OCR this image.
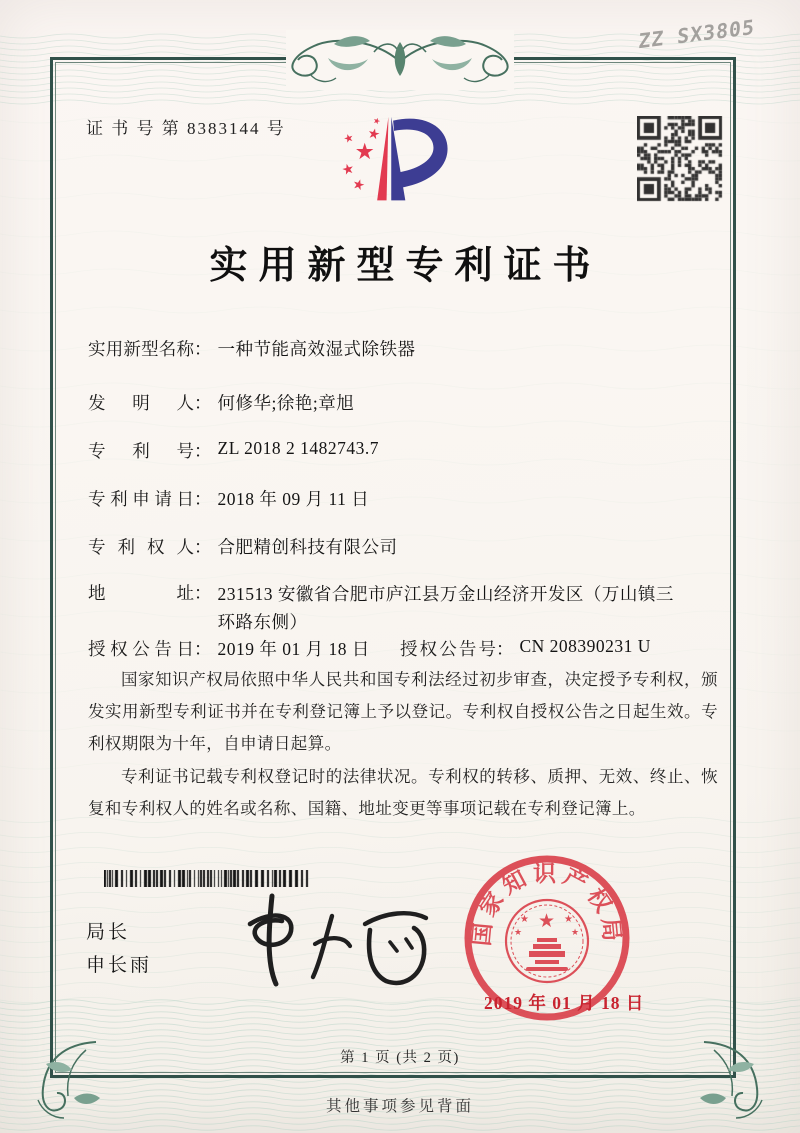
ZZ SX3805
证 书 号 第 8383144 号
★
★
★
★
★
★
实用新型专利证书
实用新型名称： 一种节能高效湿式除铁器
发明人： 何修华;徐艳;章旭
专利号： ZL 2018 2 1482743.7
专利申请日： 2018 年 09 月 11 日
专利权人： 合肥精创科技有限公司
地址： 231513 安徽省合肥市庐江县万金山经济开发区（万山镇三环路东侧）
授权公告日： 2019 年 01 月 18 日 授权公告号： CN 208390231 U

国家知识产权局依照中华人民共和国专利法经过初步审查，决定授予专利权，颁发实用新型专利证书并在专利登记簿上予以登记。专利权自授权公告之日起生效。专利权期限为十年，自申请日起算。

专利证书记载专利权登记时的法律状况。专利权的转移、质押、无效、终止、恢复和专利权人的姓名或名称、国籍、地址变更等事项记载在专利登记簿上。

局长
申长雨
国家知识产权局
★
★	★
★	★
2019 年 01 月 18 日
第 1 页 (共 2 页)
其他事项参见背面
